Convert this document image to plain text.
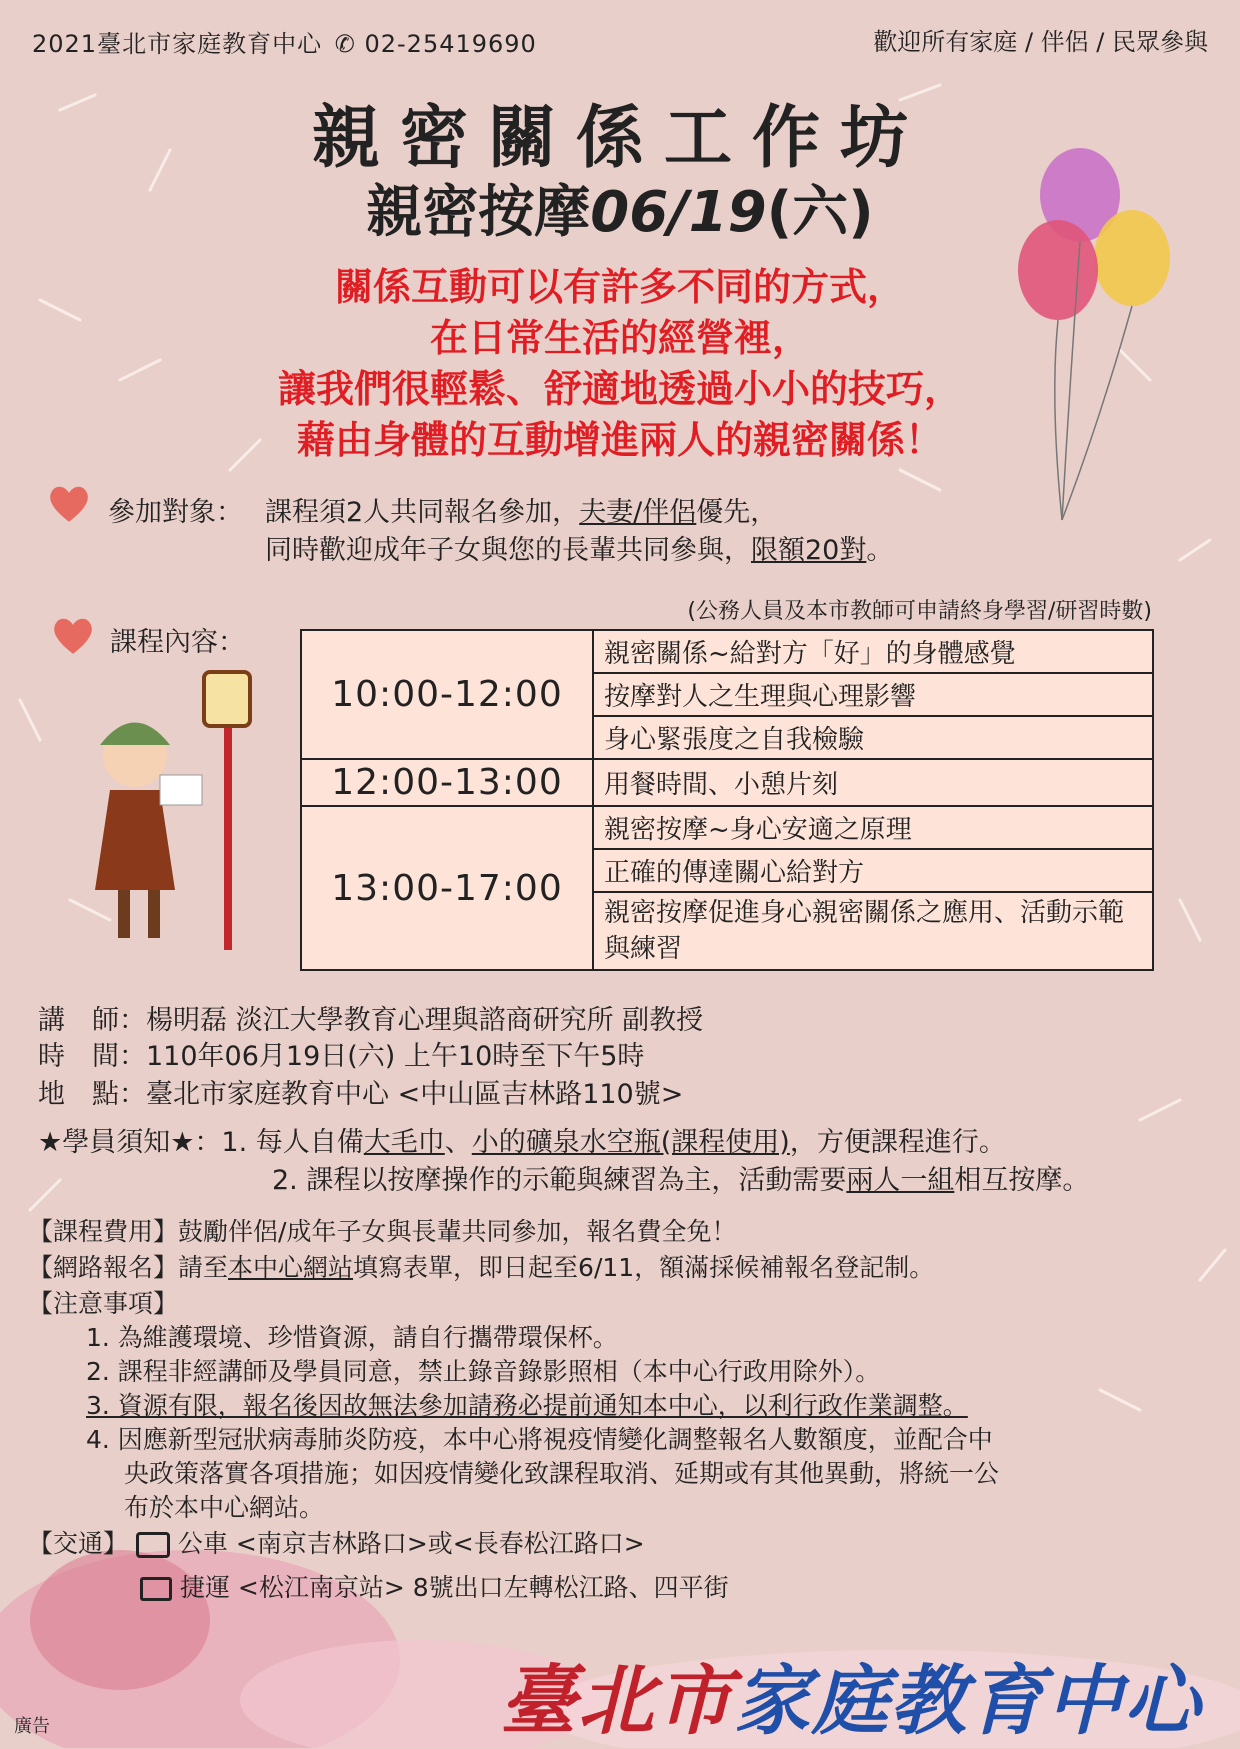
2021臺北市家庭教育中心 ✆ 02-25419690	歡迎所有家庭 / 伴侶 / 民眾參與
親密關係工作坊
親密按摩06/19(六)
關係互動可以有許多不同的方式，
在日常生活的經營裡，
讓我們很輕鬆、舒適地透過小小的技巧，
藉由身體的互動增進兩人的親密關係！
參加對象： 課程須2人共同報名參加，夫妻/伴侶優先，
同時歡迎成年子女與您的長輩共同參與，限額20對。
課程內容：
(公務人員及本市教師可申請終身學習/研習時數)
10:00-12:00	親密關係~給對方「好」的身體感覺
	按摩對人之生理與心理影響
	身心緊張度之自我檢驗
12:00-13:00	用餐時間、小憩片刻
13:00-17:00	親密按摩~身心安適之原理
	正確的傳達關心給對方
	親密按摩促進身心親密關係之應用、活動示範與練習
講　師：楊明磊 淡江大學教育心理與諮商研究所 副教授
時　間：110年06月19日(六) 上午10時至下午5時
地　點：臺北市家庭教育中心 <中山區吉林路110號>
★學員須知★：1. 每人自備大毛巾、小的礦泉水空瓶(課程使用)，方便課程進行。
2. 課程以按摩操作的示範與練習為主，活動需要兩人一組相互按摩。
【課程費用】鼓勵伴侶/成年子女與長輩共同參加，報名費全免！
【網路報名】請至本中心網站填寫表單，即日起至6/11，額滿採候補報名登記制。
【注意事項】
1. 為維護環境、珍惜資源，請自行攜帶環保杯。
2. 課程非經講師及學員同意，禁止錄音錄影照相（本中心行政用除外）。
3. 資源有限，報名後因故無法參加請務必提前通知本中心，以利行政作業調整。
4. 因應新型冠狀病毒肺炎防疫，本中心將視疫情變化調整報名人數額度，並配合中
央政策落實各項措施；如因疫情變化致課程取消、延期或有其他異動，將統一公
布於本中心網站。
【交通】 公車 <南京吉林路口>或<長春松江路口>
捷運 <松江南京站> 8號出口左轉松江路、四平街
臺北市家庭教育中心
廣告
